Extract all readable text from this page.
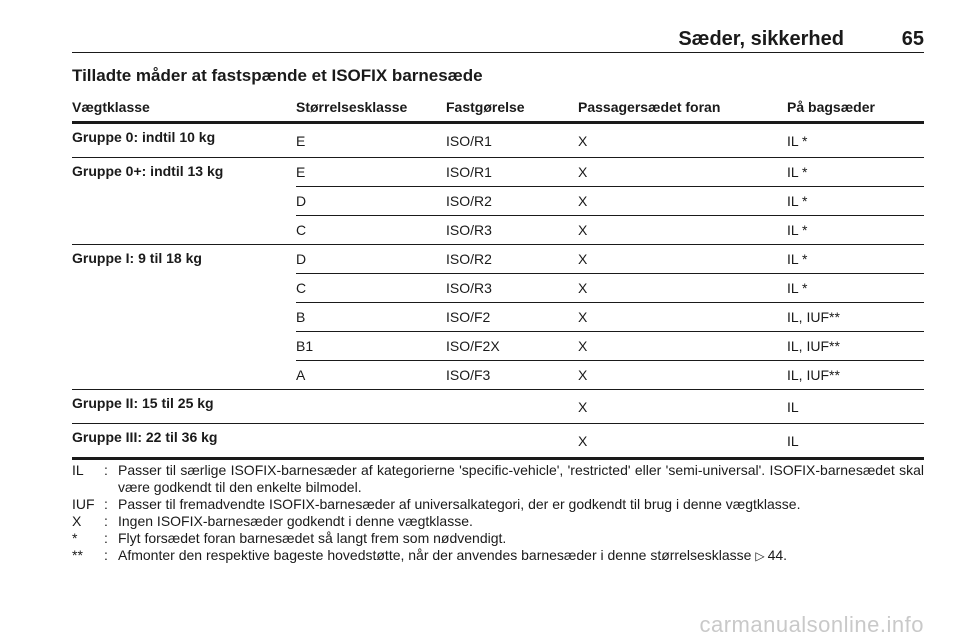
Sæder, sikkerhed	65
Tilladte måder at fastspænde et ISOFIX barnesæde
Vægtklasse	Størrelsesklasse	Fastgørelse	Passagersædet foran	På bagsæder
Gruppe 0: indtil 10 kg	E	ISO/R1	X	IL *
Gruppe 0+: indtil 13 kg	E	ISO/R1	X	IL *
	D	ISO/R2	X	IL *
	C	ISO/R3	X	IL *
Gruppe I: 9 til 18 kg	D	ISO/R2	X	IL *
	C	ISO/R3	X	IL *
	B	ISO/F2	X	IL, IUF**
	B1	ISO/F2X	X	IL, IUF**
	A	ISO/F3	X	IL, IUF**
Gruppe II: 15 til 25 kg			X	IL
Gruppe III: 22 til 36 kg			X	IL
IL	: Passer til særlige ISOFIX-barnesæder af kategorierne 'specific-vehicle', 'restricted' eller 'semi-universal'. ISOFIX-barnesædet skal være godkendt til den enkelte bilmodel.
IUF : Passer til fremadvendte ISOFIX-barnesæder af universalkategori, der er godkendt til brug i denne vægtklasse.
X	: Ingen ISOFIX-barnesæder godkendt i denne vægtklasse.
*	: Flyt forsædet foran barnesædet så langt frem som nødvendigt.
**	: Afmonter den respektive bageste hovedstøtte, når der anvendes barnesæder i denne størrelsesklasse ▷ 44.
carmanualsonline.info
